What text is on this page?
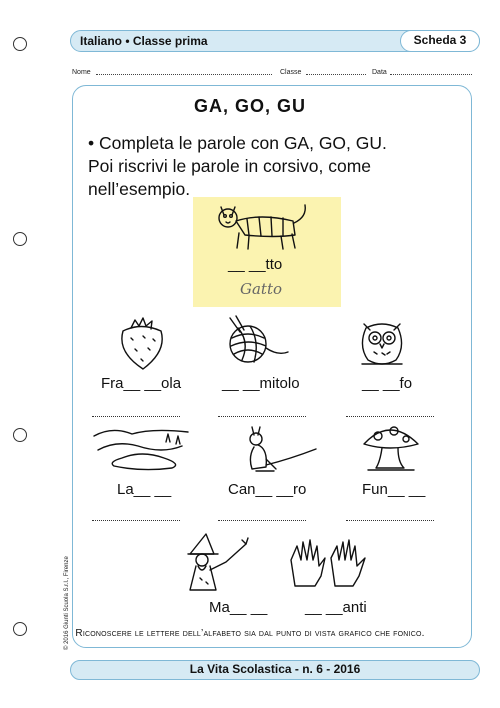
Italiano • Classe prima	Scheda 3
Nome	Classe	Data
GA, GO, GU
• Completa le parole con GA, GO, GU.
Poi riscrivi le parole in corsivo, come
nell’esempio.
__ __tto
Gatto
Fra__ __ola	__ __mitolo	__ __fo
La__ __	Can__ __ro	Fun__ __
Ma__ __	__ __anti
Riconoscere le lettere dell’alfabeto sia dal punto di vista grafico che fonico.
© 2016 Giunti Scuola S.r.l., Firenze
La Vita Scolastica - n. 6 - 2016
